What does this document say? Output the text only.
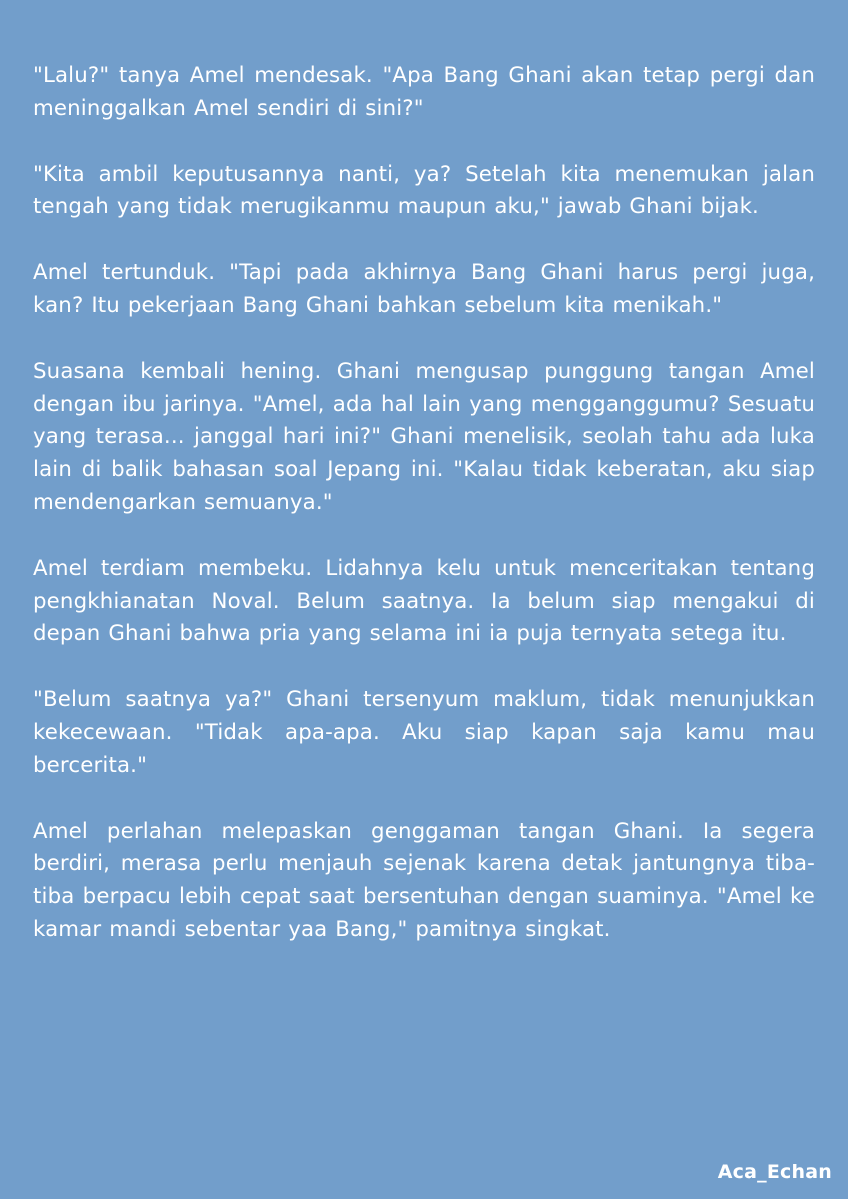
"Lalu?" tanya Amel mendesak. "Apa Bang Ghani akan tetap pergi dan meninggalkan Amel sendiri di sini?"

"Kita ambil keputusannya nanti, ya? Setelah kita menemukan jalan tengah yang tidak merugikanmu maupun aku," jawab Ghani bijak.

Amel tertunduk. "Tapi pada akhirnya Bang Ghani harus pergi juga, kan? Itu pekerjaan Bang Ghani bahkan sebelum kita menikah."

Suasana kembali hening. Ghani mengusap punggung tangan Amel dengan ibu jarinya. "Amel, ada hal lain yang mengganggumu? Sesuatu yang terasa... janggal hari ini?" Ghani menelisik, seolah tahu ada luka lain di balik bahasan soal Jepang ini. "Kalau tidak keberatan, aku siap mendengarkan semuanya."

Amel terdiam membeku. Lidahnya kelu untuk menceritakan tentang pengkhianatan Noval. Belum saatnya. Ia belum siap mengakui di depan Ghani bahwa pria yang selama ini ia puja ternyata setega itu.

"Belum saatnya ya?" Ghani tersenyum maklum, tidak menunjukkan kekecewaan. "Tidak apa-apa. Aku siap kapan saja kamu mau bercerita."

Amel perlahan melepaskan genggaman tangan Ghani. Ia segera berdiri, merasa perlu menjauh sejenak karena detak jantungnya tiba-tiba berpacu lebih cepat saat bersentuhan dengan suaminya. "Amel ke kamar mandi sebentar yaa Bang," pamitnya singkat.

Aca_Echan
